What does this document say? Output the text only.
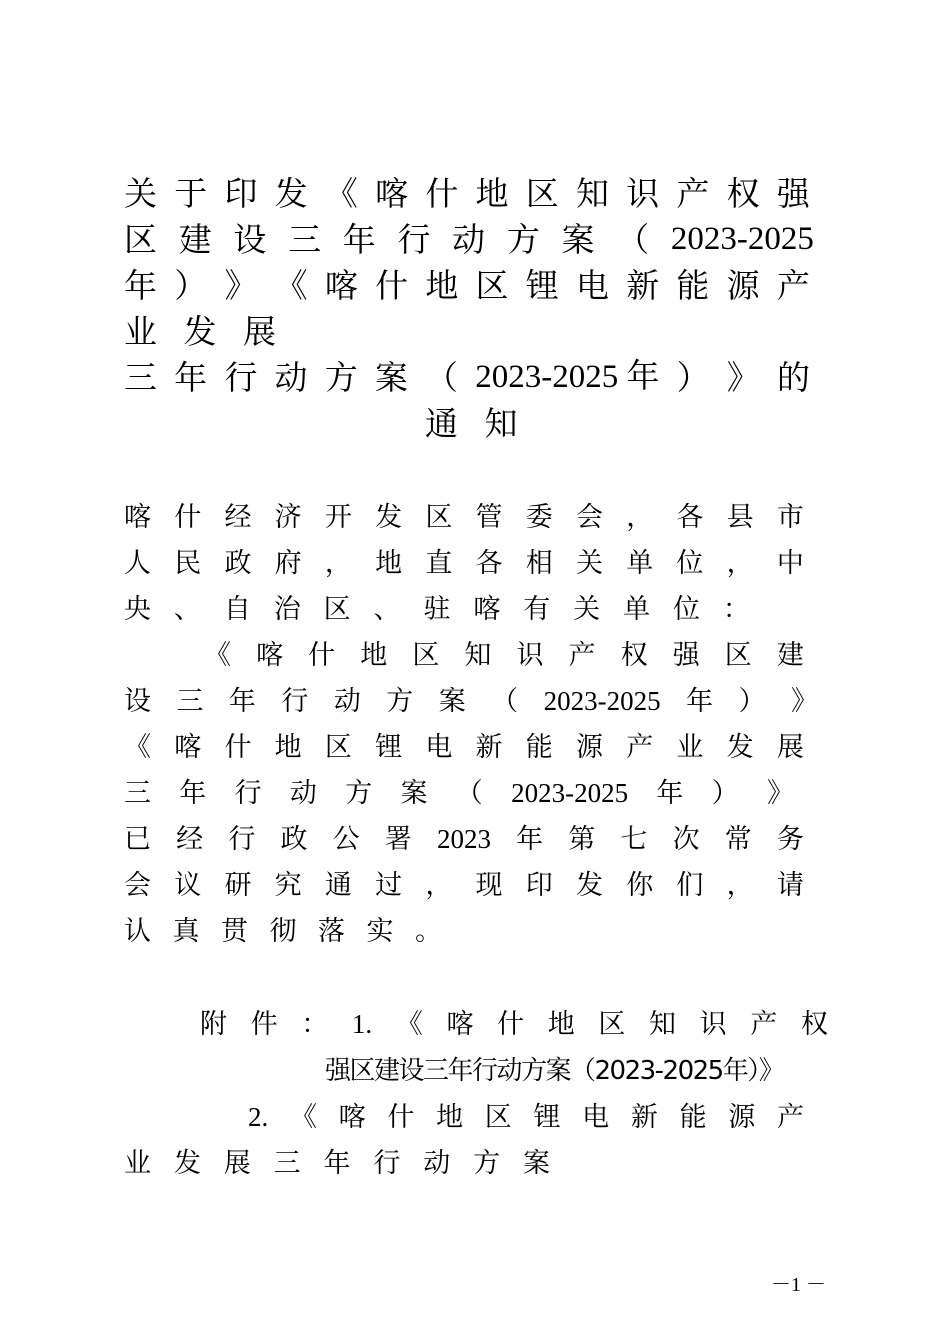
关 于 印 发 《 喀 什 地 区 知 识 产 权 强
区 建 设 三 年 行 动 方 案 （ 2023-2025
年 ） 》 《 喀 什 地 区 锂 电 新 能 源 产
业 发 展
三 年 行 动 方 案 （ 2023-2025 年 ） 》 的
通 知
喀 什 经 济 开 发 区 管 委 会 ， 各 县 市
人 民 政 府 ， 地 直 各 相 关 单 位 ， 中
央 、 自 治 区 、 驻 喀 有 关 单 位 ：
《 喀 什 地 区 知 识 产 权 强 区 建
设 三 年 行 动 方 案 （ 2023-2025 年 ） 》
《 喀 什 地 区 锂 电 新 能 源 产 业 发 展
三 年 行 动 方 案 （ 2023-2025 年 ） 》
已 经 行 政 公 署 2023 年 第 七 次 常 务
会 议 研 究 通 过 ， 现 印 发 你 们 ， 请
认 真 贯 彻 落 实 。
附 件 ： 1. 《 喀 什 地 区 知 识 产 权
强区建设三年行动方案（2023-2025年）》
2. 《 喀 什 地 区 锂 电 新 能 源 产
业 发 展 三 年 行 动 方 案
－1 －
